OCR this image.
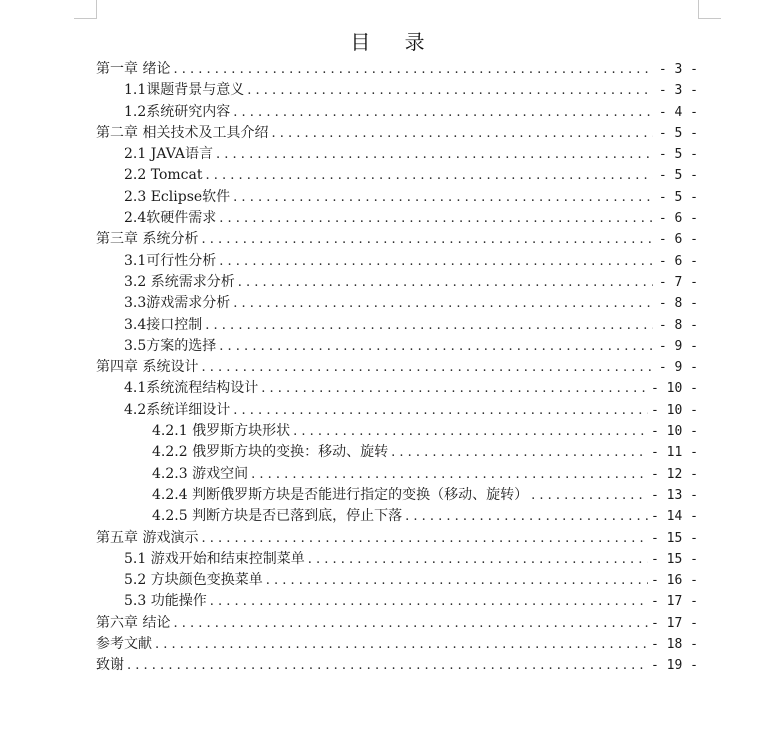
目 录
第一章 绪论 . . .	- 3 -
1.1课题背景与意义 . . .	- 3 -
1.2系统研究内容 . . .	- 4 -
第二章 相关技术及工具介绍 . . .	- 5 -
2.1 JAVA语言 . . .	- 5 -
2.2 Tomcat . . .	- 5 -
2.3 Eclipse软件 . . .	- 5 -
2.4软硬件需求 . . .	- 6 -
第三章 系统分析 . . .	- 6 -
3.1可行性分析 . . .	- 6 -
3.2 系统需求分析 . . .	- 7 -
3.3游戏需求分析 . . .	- 8 -
3.4接口控制 . . .	- 8 -
3.5方案的选择 . . .	- 9 -
第四章 系统设计 . . .	- 9 -
4.1系统流程结构设计 . . .	- 10 -
4.2系统详细设计 . . .	- 10 -
4.2.1 俄罗斯方块形状 . . .	- 10 -
4.2.2 俄罗斯方块的变换：移动、旋转 . . .	- 11 -
4.2.3 游戏空间 . . .	- 12 -
4.2.4 判断俄罗斯方块是否能进行指定的变换（移动、旋转） . . .	- 13 -
4.2.5 判断方块是否已落到底，停止下落 . . .	- 14 -
第五章 游戏演示 . . .	- 15 -
5.1 游戏开始和结束控制菜单 . . .	- 15 -
5.2 方块颜色变换菜单 . . .	- 16 -
5.3 功能操作 . . .	- 17 -
第六章 结论 . . .	- 17 -
参考文献 . . .	- 18 -
致谢 . . .	- 19 -
